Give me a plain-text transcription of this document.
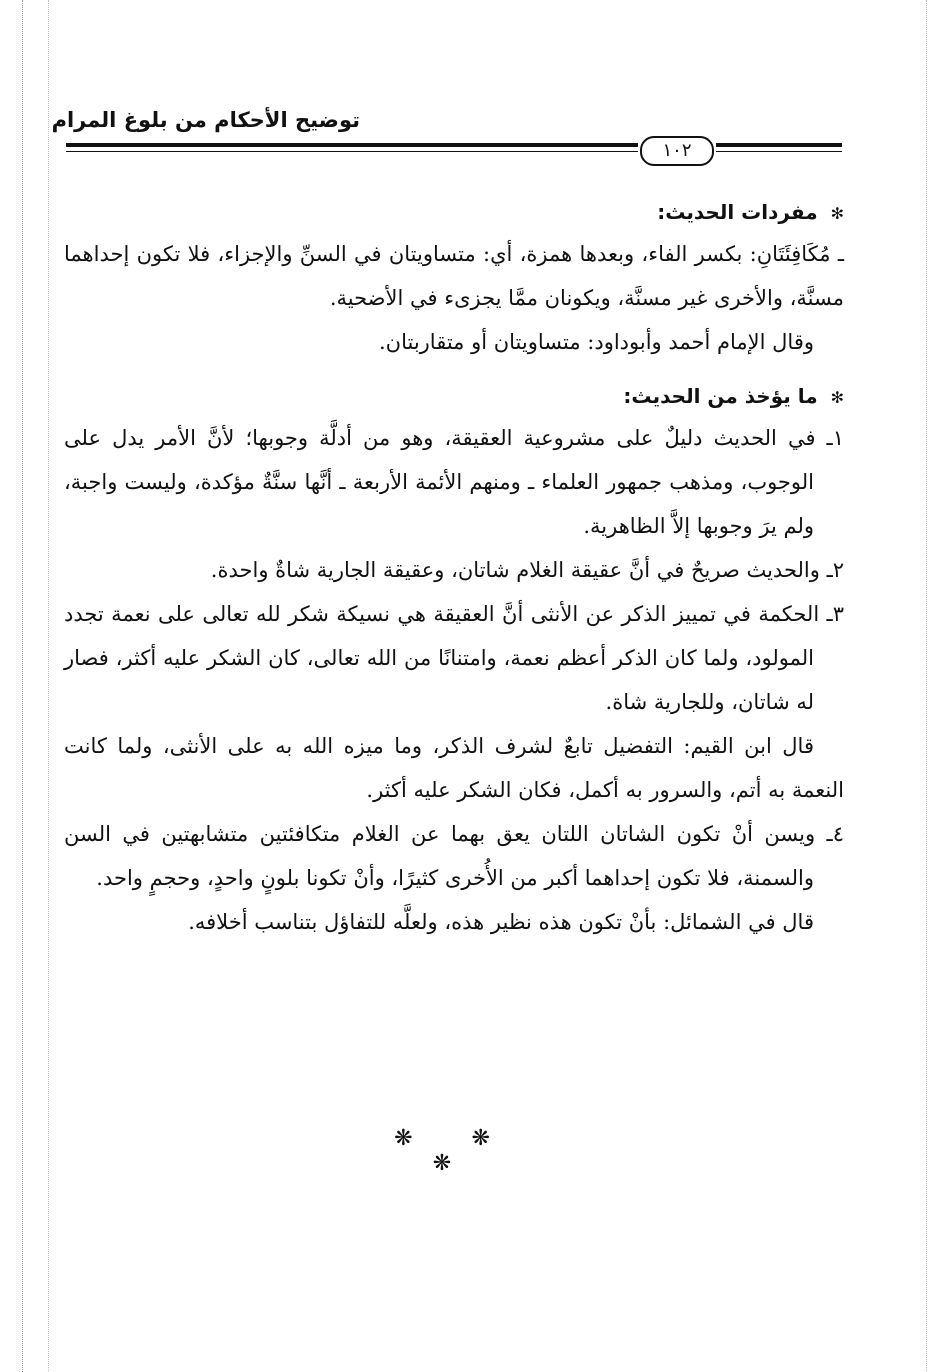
توضيح الأحكام من بلوغ المرام
١٠٢
✻ مفردات الحديث:

ـ مُكَافِئَتَانِ: بكسر الفاء، وبعدها همزة، أي: متساويتان في السنِّ والإجزاء، فلا تكون إحداهما مسنَّة، والأخرى غير مسنَّة، ويكونان ممَّا يجزىء في الأضحية.

وقال الإمام أحمد وأبوداود: متساويتان أو متقاربتان.

✻ ما يؤخذ من الحديث:

١ـ في الحديث دليلٌ على مشروعية العقيقة، وهو من أدلَّة وجوبها؛ لأنَّ الأمر يدل على الوجوب، ومذهب جمهور العلماء ـ ومنهم الأئمة الأربعة ـ أنَّها سنَّةٌ مؤكدة، وليست واجبة، ولم يرَ وجوبها إلاَّ الظاهرية.

٢ـ والحديث صريحٌ في أنَّ عقيقة الغلام شاتان، وعقيقة الجارية شاةٌ واحدة.

٣ـ الحكمة في تمييز الذكر عن الأنثى أنَّ العقيقة هي نسيكة شكر لله تعالى على نعمة تجدد المولود، ولما كان الذكر أعظم نعمة، وامتنانًا من الله تعالى، كان الشكر عليه أكثر، فصار له شاتان، وللجارية شاة.

قال ابن القيم: التفضيل تابعٌ لشرف الذكر، وما ميزه الله به على الأنثى، ولما كانت النعمة به أتم، والسرور به أكمل، فكان الشكر عليه أكثر.

٤ـ ويسن أنْ تكون الشاتان اللتان يعق بهما عن الغلام متكافئتين متشابهتين في السن والسمنة، فلا تكون إحداهما أكبر من الأُخرى كثيرًا، وأنْ تكونا بلونٍ واحدٍ، وحجمٍ واحد.

قال في الشمائل: بأنْ تكون هذه نظير هذه، ولعلَّه للتفاؤل بتناسب أخلافه.

❋ ❋ ❋
